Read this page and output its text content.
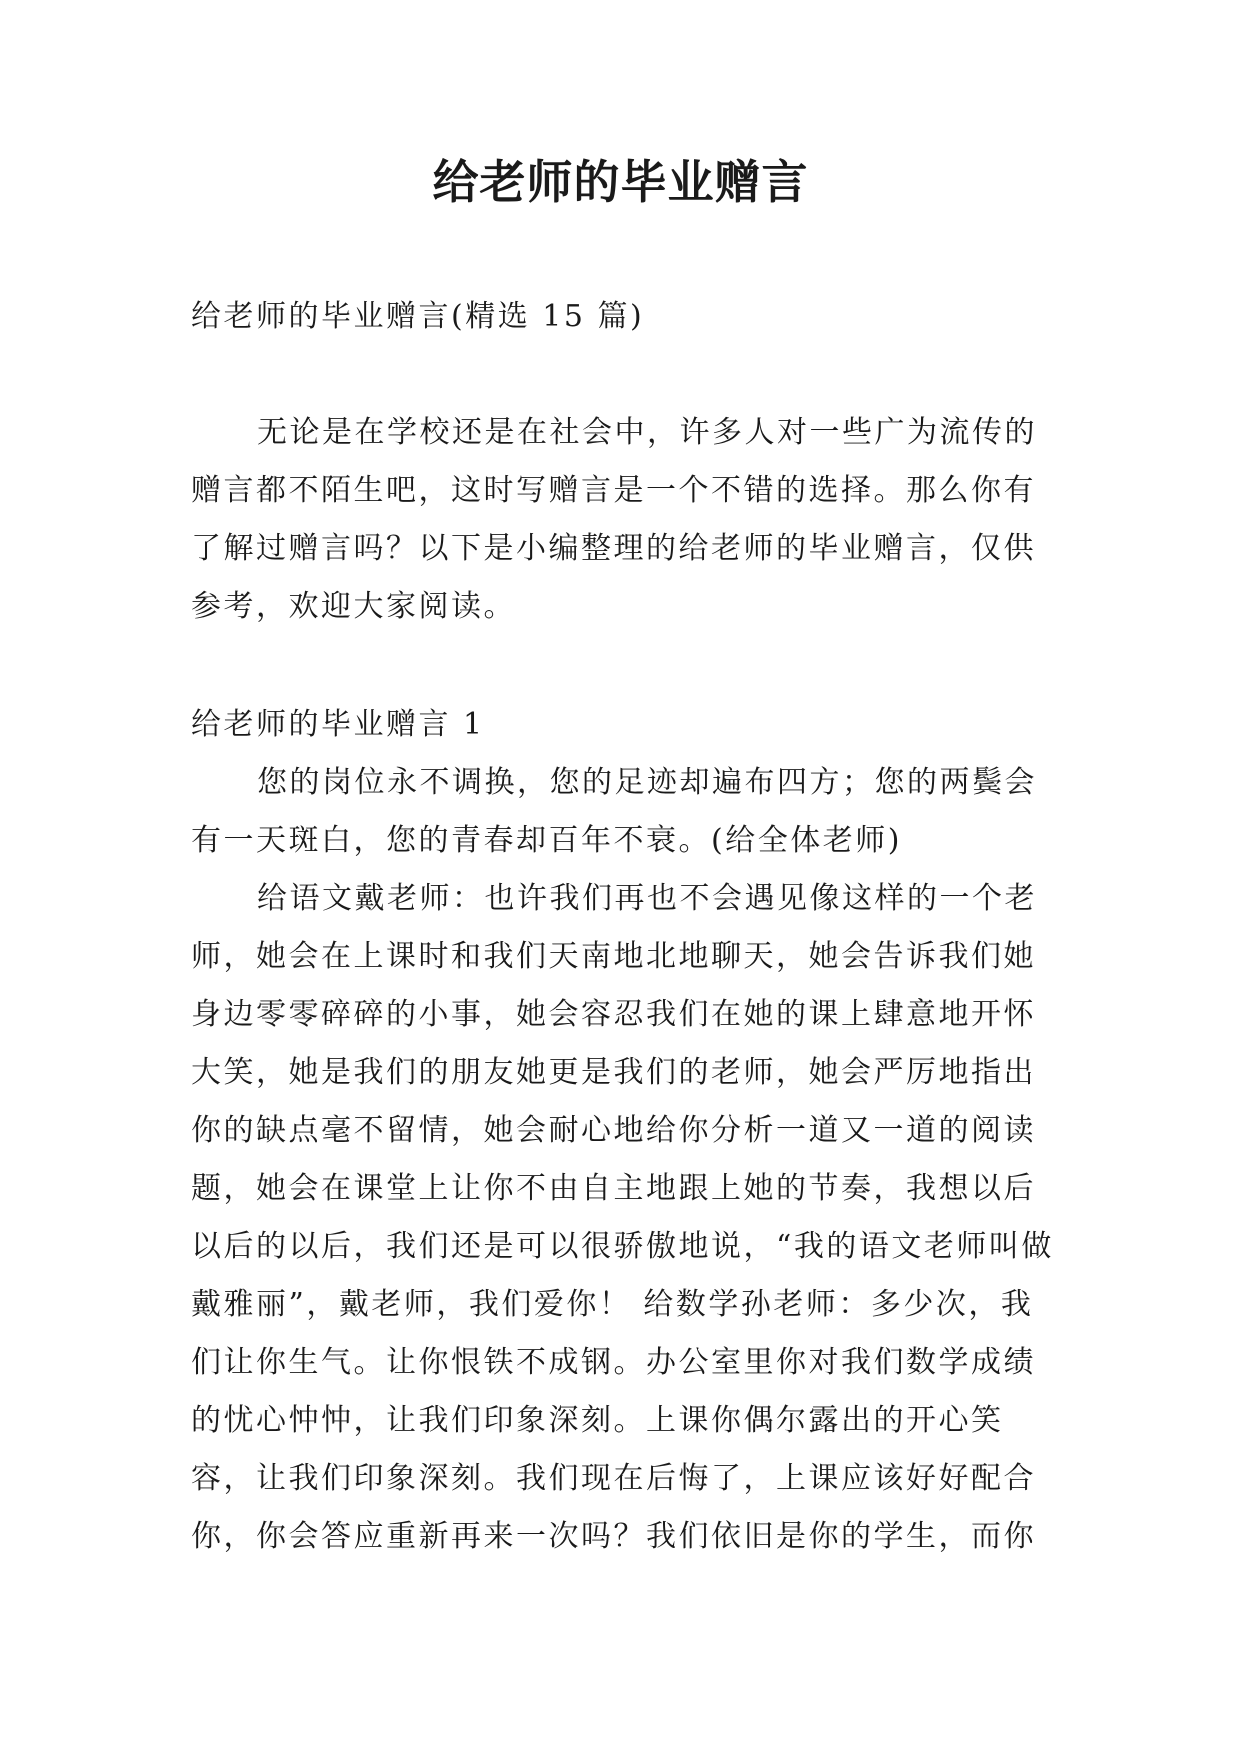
给老师的毕业赠言
给老师的毕业赠言(精选 15 篇)

无论是在学校还是在社会中，许多人对一些广为流传的赠言都不陌生吧，这时写赠言是一个不错的选择。那么你有了解过赠言吗？以下是小编整理的给老师的毕业赠言，仅供参考，欢迎大家阅读。

给老师的毕业赠言 1

您的岗位永不调换，您的足迹却遍布四方；您的两鬓会有一天斑白，您的青春却百年不衰。(给全体老师)

给语文戴老师：也许我们再也不会遇见像这样的一个老师，她会在上课时和我们天南地北地聊天，她会告诉我们她身边零零碎碎的小事，她会容忍我们在她的课上肆意地开怀大笑，她是我们的朋友她更是我们的老师，她会严厉地指出你的缺点毫不留情，她会耐心地给你分析一道又一道的阅读题，她会在课堂上让你不由自主地跟上她的节奏，我想以后以后的以后，我们还是可以很骄傲地说，“我的语文老师叫做戴雅丽”，戴老师，我们爱你！ 给数学孙老师：多少次，我们让你生气。让你恨铁不成钢。办公室里你对我们数学成绩的忧心忡忡，让我们印象深刻。上课你偶尔露出的开心笑容，让我们印象深刻。我们现在后悔了，上课应该好好配合你，你会答应重新再来一次吗？我们依旧是你的学生，而你
